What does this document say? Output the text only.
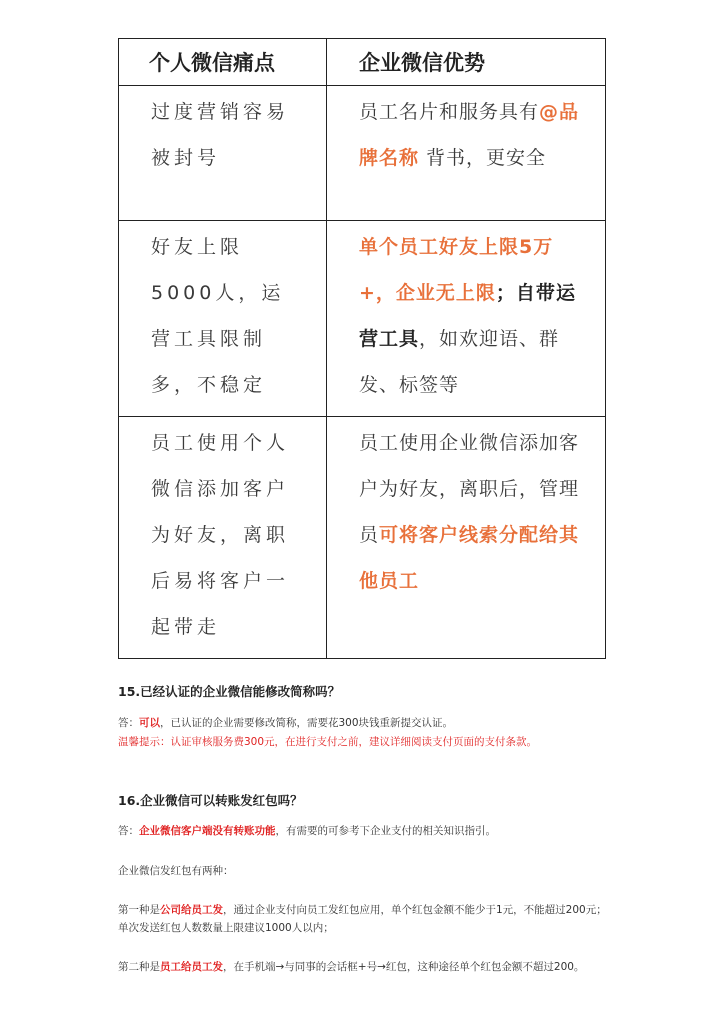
个人微信痛点	企业微信优势

过度营销容易被封号	员工名片和服务具有@品牌名称 背书，更安全

好友上限5000人，运营工具限制多，不稳定	单个员工好友上限5万+，企业无上限；自带运营工具，如欢迎语、群发、标签等

员工使用个人微信添加客户为好友，离职后易将客户一起带走	员工使用企业微信添加客户为好友，离职后，管理员可将客户线索分配给其他员工
15.已经认证的企业微信能修改简称吗？
答：可以，已认证的企业需要修改简称，需要花300块钱重新提交认证。
温馨提示：认证审核服务费300元，在进行支付之前，建议详细阅读支付页面的支付条款。
16.企业微信可以转账发红包吗？
答：企业微信客户端没有转账功能，有需要的可参考下企业支付的相关知识指引。
企业微信发红包有两种：
第一种是公司给员工发，通过企业支付向员工发红包应用，单个红包金额不能少于1元，不能超过200元；
单次发送红包人数数量上限建议1000人以内；
第二种是员工给员工发，在手机端→与同事的会话框+号→红包，这种途径单个红包金额不超过200。
